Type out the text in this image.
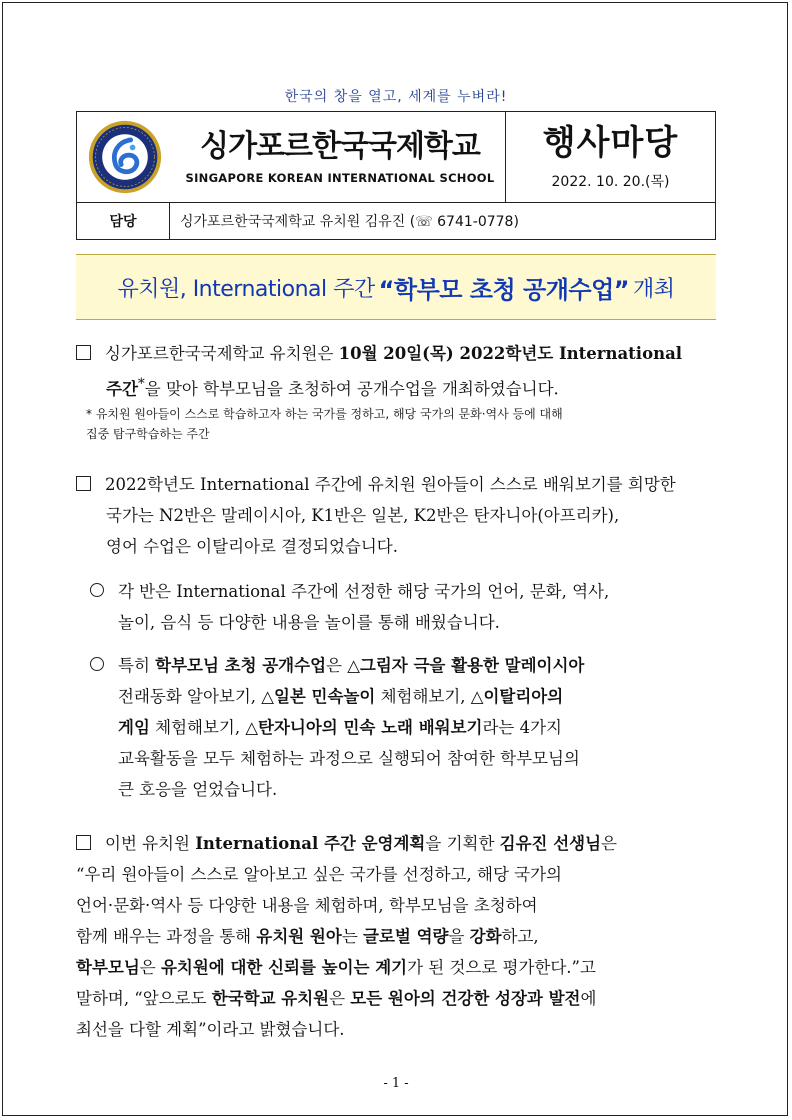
한국의 창을 열고, 세계를 누벼라!
싱가포르한국국제학교
SINGAPORE KOREAN INTERNATIONAL SCHOOL

행사마당
2022. 10. 20.(목)

담당	싱가포르한국국제학교 유치원 김유진 (☏ 6741-0778)
유치원, International 주간 “학부모 초청 공개수업” 개최

싱가포르한국국제학교 유치원은 10월 20일(목) 2022학년도 International

주간*을 맞아 학부모님을 초청하여 공개수업을 개최하였습니다.

* 유치원 원아들이 스스로 학습하고자 하는 국가를 정하고, 해당 국가의 문화·역사 등에 대해
집중 탐구학습하는 주간

2022학년도 International 주간에 유치원 원아들이 스스로 배워보기를 희망한

국가는 N2반은 말레이시아, K1반은 일본, K2반은 탄자니아(아프리카),

영어 수업은 이탈리아로 결정되었습니다.

각 반은 International 주간에 선정한 해당 국가의 언어, 문화, 역사,

놀이, 음식 등 다양한 내용을 놀이를 통해 배웠습니다.

특히 학부모님 초청 공개수업은 △그림자 극을 활용한 말레이시아

전래동화 알아보기, △일본 민속놀이 체험해보기, △이탈리아의

게임 체험해보기, △탄자니아의 민속 노래 배워보기라는 4가지

교육활동을 모두 체험하는 과정으로 실행되어 참여한 학부모님의

큰 호응을 얻었습니다.

이번 유치원 International 주간 운영계획을 기획한 김유진 선생님은

“우리 원아들이 스스로 알아보고 싶은 국가를 선정하고, 해당 국가의

언어·문화·역사 등 다양한 내용을 체험하며, 학부모님을 초청하여

함께 배우는 과정을 통해 유치원 원아는 글로벌 역량을 강화하고,

학부모님은 유치원에 대한 신뢰를 높이는 계기가 된 것으로 평가한다.”고

말하며, “앞으로도 한국학교 유치원은 모든 원아의 건강한 성장과 발전에

최선을 다할 계획”이라고 밝혔습니다.

- 1 -
